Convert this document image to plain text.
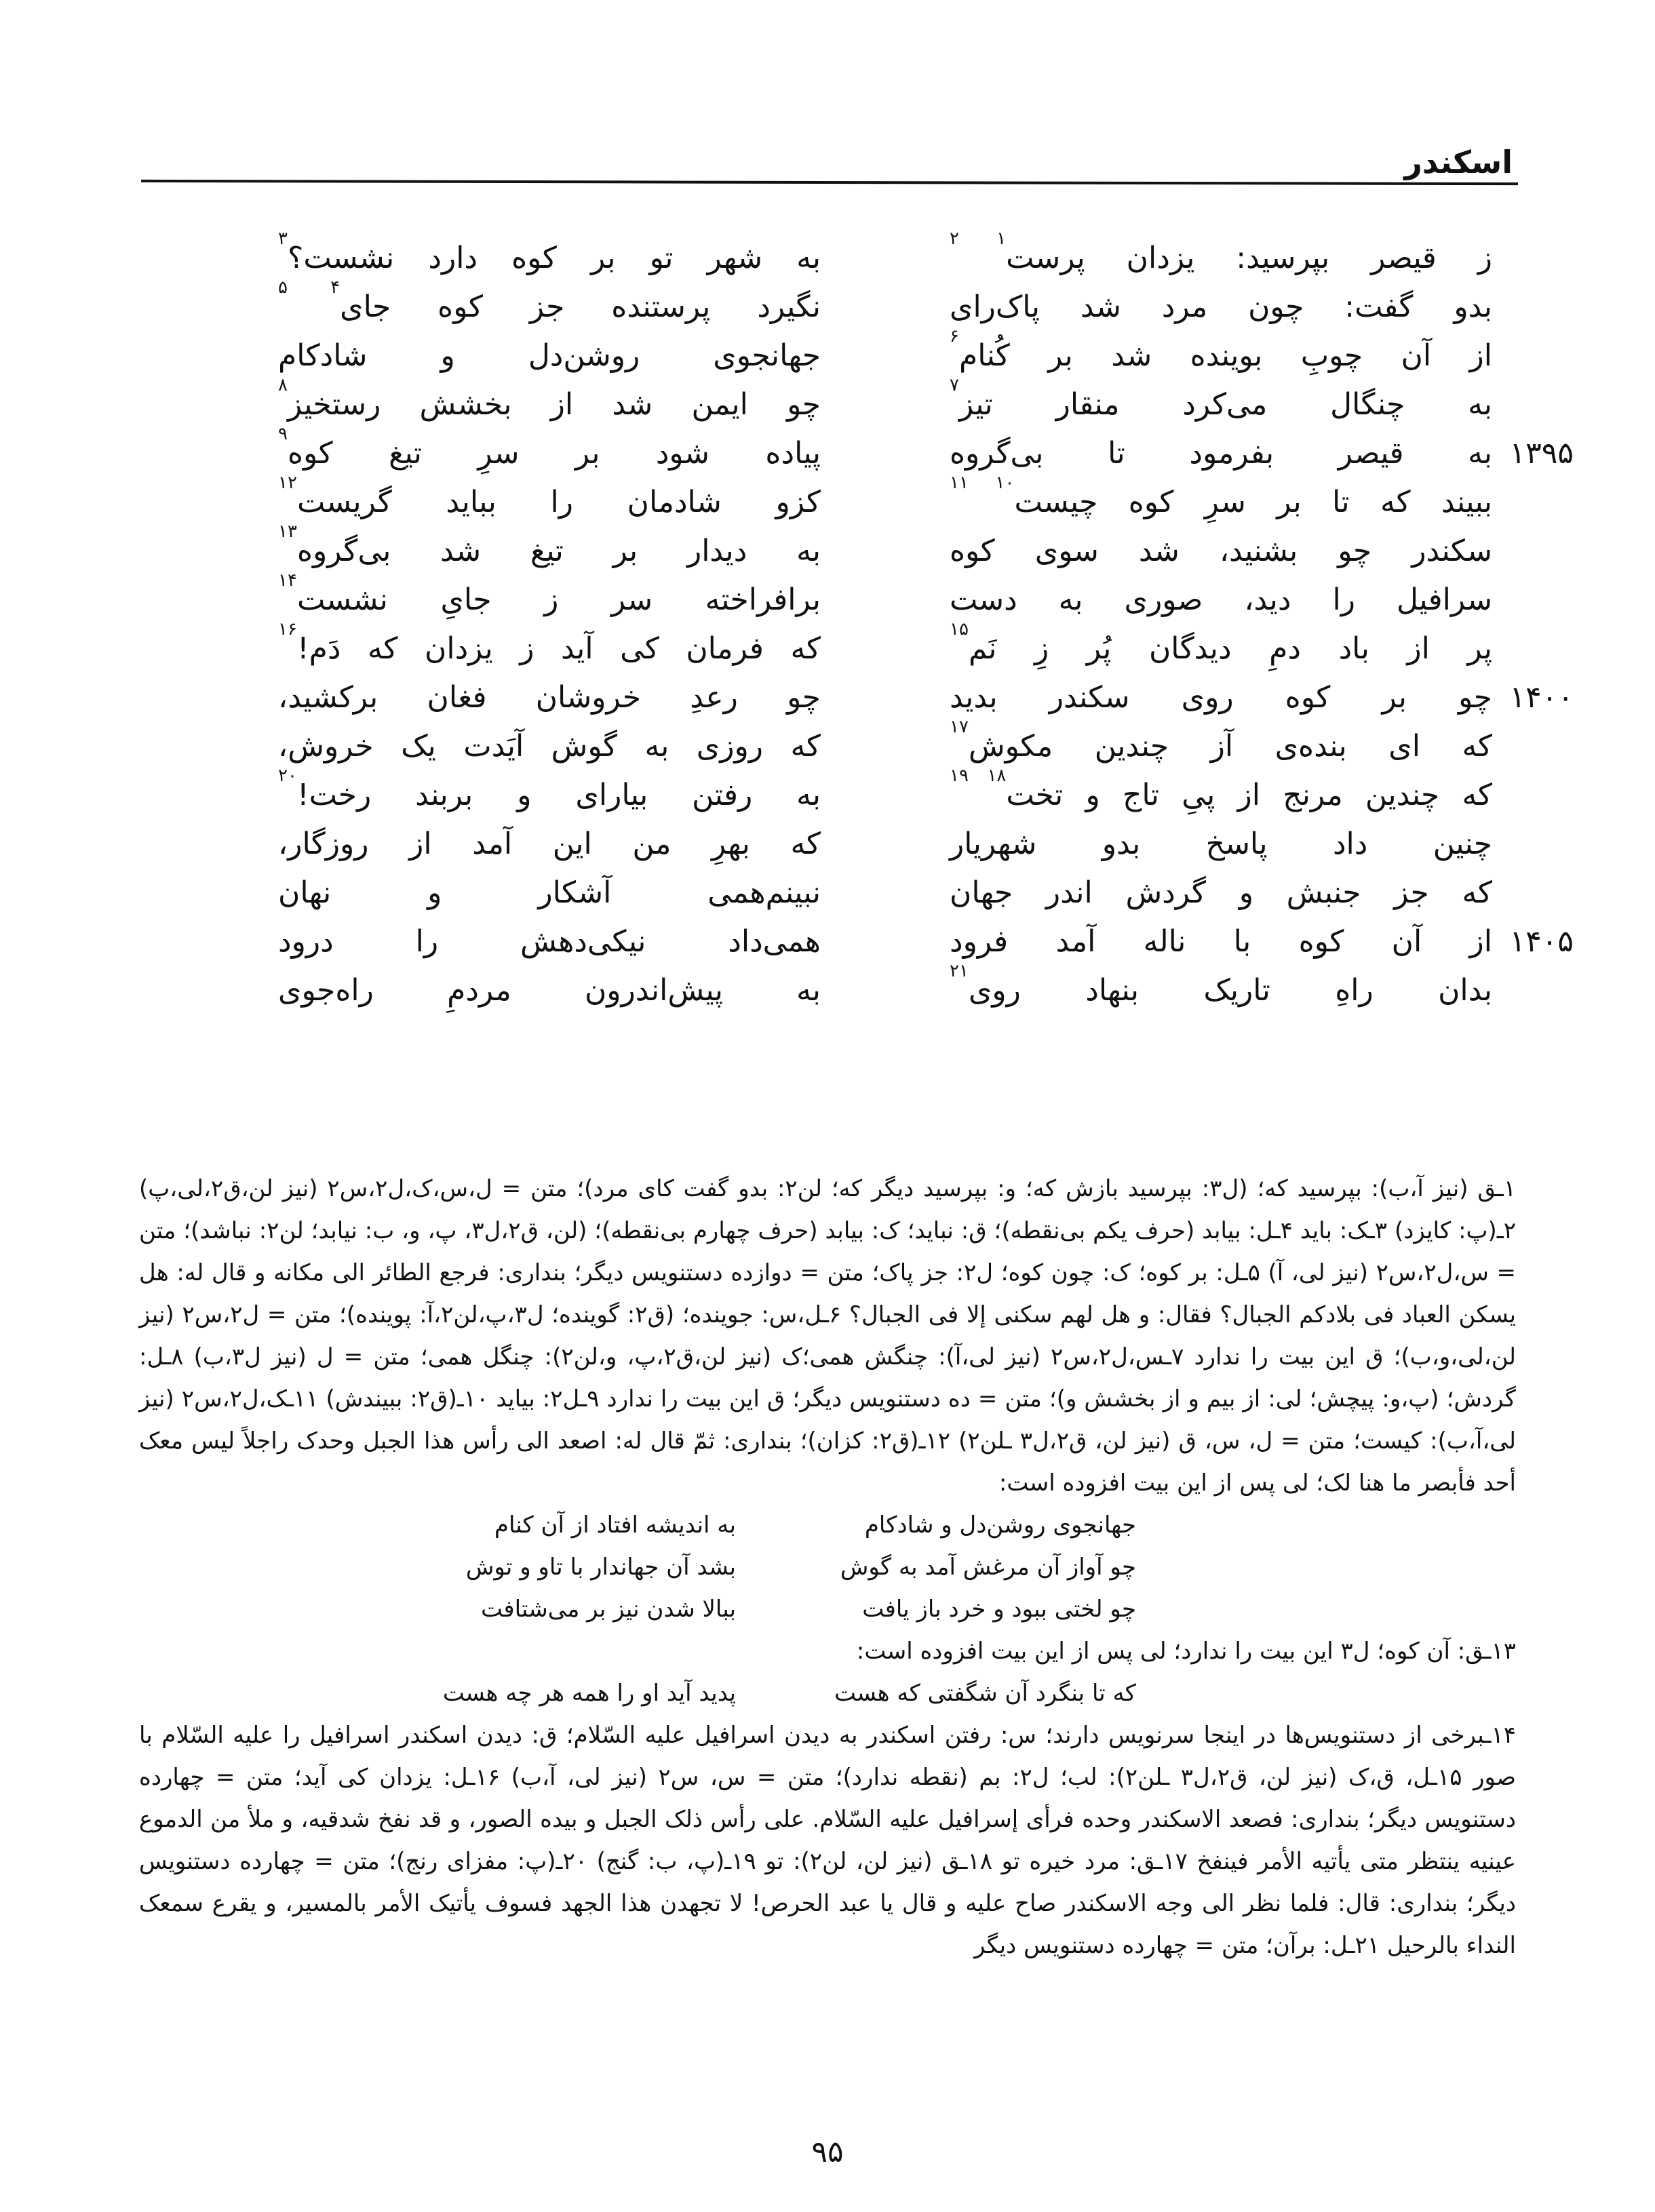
اسکندر
ز قیصر بپرسید: یزدان پرست$^{۱ ۲}$
بدو گفت: چون مرد شد پاک‌رای
از آن چوبِ بوینده شد بر کُنام$^۶$
به چنگال می‌کرد منقار تیز$^۷$
به قیصر بفرمود تا بی‌گروه ۱۳۹۵
ببیند که تا بر سرِ کوه چیست$^{۱۰ ۱۱}$
سکندر چو بشنید، شد سوی کوه
سرافیل را دید، صوری به دست
پر از باد دمِ دیدگان پُر زِ نَم$^{۱۵}$
چو بر کوه روی سکندر بدید ۱۴۰۰
که ای بنده‌ی آز چندین مکوش$^{۱۷}$
که چندین مرنج از پیِ تاج و تخت$^{۱۸ ۱۹}$
چنین داد پاسخ بدو شهریار
که جز جنبش و گردش اندر جهان
از آن کوه با ناله آمد فرود ۱۴۰۵
بدان راهِ تاریک بنهاد روی$^{۲۱}$
به شهر تو بر کوه دارد نشست؟$^۳$
نگیرد پرستنده جز کوه جای$^{۴ ۵}$
جهانجوی روشن‌دل و شادکام
چو ایمن شد از بخشش رستخیز$^۸$
پیاده شود بر سرِ تیغ کوه$^۹$
کزو شادمان را بباید گریست$^{۱۲}$
به دیدار بر تیغ شد بی‌گروه$^{۱۳}$
برافراخته سر ز جایِ نشست$^{۱۴}$
که فرمان کی آید ز یزدان که دَم!$^{۱۶}$
چو رعدِ خروشان فغان برکشید،
که روزی به گوش آیَدت یک خروش،
به رفتن بیارای و بربند رخت!$^{۲۰}$
که بهرِ من این آمد از روزگار،
نبینم‌همی آشکار و نهان
همی‌داد نیکی‌دهش را درود
به پیش‌اندرون مردمِ راه‌جوی

۱ـق (نیز آ،ب): بپرسید که؛ (ل۳: بپرسید بازش که؛ و: بپرسید دیگر که؛ لن۲: بدو گفت کای مرد)؛ متن = ل،س،ک،ل۲،س۲ (نیز لن،ق۲،لی،پ) ۲ـ(پ: کایزد) ۳ـک: باید ۴ـل: بیابد (حرف یکم بی‌نقطه)؛ ق: نباید؛ ک: بیابد (حرف چهارم بی‌نقطه)؛ (لن، ق۲،ل۳، پ، و، ب: نیابد؛ لن۲: نباشد)؛ متن = س،ل۲،س۲ (نیز لی، آ) ۵ـل: بر کوه؛ ک: چون کوه؛ ل۲: جز پاک؛ متن = دوازده دستنویس دیگر؛ بنداری: فرجع الطائر الی مکانه و قال له: هل یسکن العباد فی بلادکم الجبال؟ فقال: و هل لهم سکنی إلا فی الجبال؟ ۶ـل،س: جوینده؛ (ق۲: گوینده؛ ل۳،پ،لن۲،آ: پوینده)؛ متن = ل۲،س۲ (نیز لن،لی،و،ب)؛ ق این بیت را ندارد ۷ـس،ل۲،س۲ (نیز لی،آ): چنگش همی؛ک (نیز لن،ق۲،پ، و،لن۲): چنگل همی؛ متن = ل (نیز ل۳،ب) ۸ـل: گردش؛ (پ،و: پیچش؛ لی: از بیم و از بخشش و)؛ متن = ده دستنویس دیگر؛ ق این بیت را ندارد ۹ـل۲: بیاید ۱۰ـ(ق۲: ببیندش) ۱۱ـک،ل۲،س۲ (نیز لی،آ،ب): کیست؛ متن = ل، س، ق (نیز لن، ق۲،ل۳ ـلن۲) ۱۲ـ(ق۲: کزان)؛ بنداری: ثمّ قال له: اصعد الی رأس هذا الجبل وحدک راجلاً لیس معک أحد فأبصر ما هنا لک؛ لی پس از این بیت افزوده است:

جهانجوی روشن‌دل و شادکام
به اندیشه افتاد از آن کنام
چو آواز آن مرغش آمد به گوش
بشد آن جهاندار با تاو و توش
چو لختی ببود و خرد باز یافت
ببالا شدن نیز بر می‌شتافت

۱۳ـق: آن کوه؛ ل۳ این بیت را ندارد؛ لی پس از این بیت افزوده است:

که تا بنگرد آن شگفتی که هست
پدید آید او را همه هر چه هست

۱۴ـبرخی از دستنویس‌ها در اینجا سرنویس دارند؛ س: رفتن اسکندر به دیدن اسرافیل علیه السّلام؛ ق: دیدن اسکندر اسرافیل را علیه السّلام با صور ۱۵ـل، ق،ک (نیز لن، ق۲،ل۳ ـلن۲): لب؛ ل۲: بم (نقطه ندارد)؛ متن = س، س۲ (نیز لی، آ،ب) ۱۶ـل: یزدان کی آید؛ متن = چهارده دستنویس دیگر؛ بنداری: فصعد الاسکندر وحده فرأی إسرافیل علیه السّلام. علی رأس ذلک الجبل و بیده الصور، و قد نفخ شدقیه، و ملأ من الدموع عینیه ینتظر متی یأتیه الأمر فینفخ ۱۷ـق: مرد خیره تو ۱۸ـق (نیز لن، لن۲): تو ۱۹ـ(پ، ب: گنج) ۲۰ـ(پ: مفزای رنج)؛ متن = چهارده دستنویس دیگر؛ بنداری: قال: فلما نظر الی وجه الاسکندر صاح علیه و قال یا عبد الحرص! لا تجهدن هذا الجهد فسوف یأتیک الأمر بالمسیر، و یقرع سمعک النداء بالرحیل ۲۱ـل: برآن؛ متن = چهارده دستنویس دیگر

۹۵
